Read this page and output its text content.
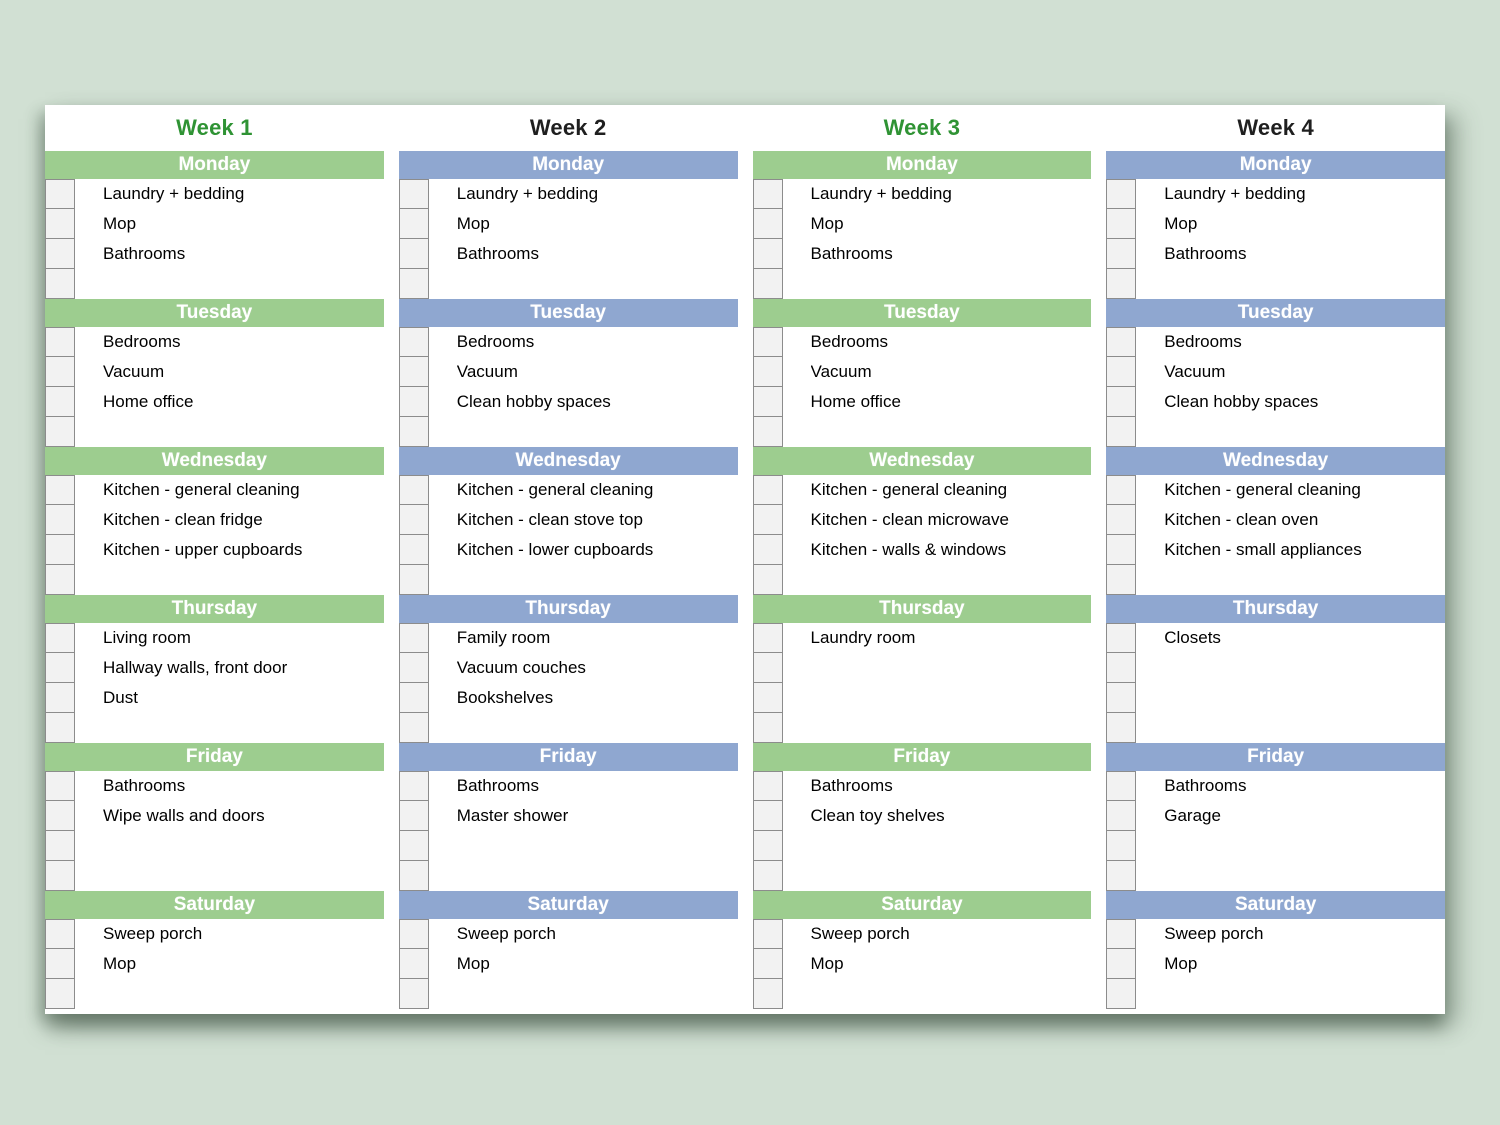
Week 1
Monday
Laundry + bedding
Mop
Bathrooms
Tuesday
Bedrooms
Vacuum
Home office
Wednesday
Kitchen - general cleaning
Kitchen - clean fridge
Kitchen - upper cupboards
Thursday
Living room
Hallway walls, front door
Dust
Friday
Bathrooms
Wipe walls and doors
Saturday
Sweep porch
Mop
Week 2
Monday
Laundry + bedding
Mop
Bathrooms
Tuesday
Bedrooms
Vacuum
Clean hobby spaces
Wednesday
Kitchen - general cleaning
Kitchen - clean stove top
Kitchen - lower cupboards
Thursday
Family room
Vacuum couches
Bookshelves
Friday
Bathrooms
Master shower
Saturday
Sweep porch
Mop
Week 3
Monday
Laundry + bedding
Mop
Bathrooms
Tuesday
Bedrooms
Vacuum
Home office
Wednesday
Kitchen - general cleaning
Kitchen - clean microwave
Kitchen - walls & windows
Thursday
Laundry room
Friday
Bathrooms
Clean toy shelves
Saturday
Sweep porch
Mop
Week 4
Monday
Laundry + bedding
Mop
Bathrooms
Tuesday
Bedrooms
Vacuum
Clean hobby spaces
Wednesday
Kitchen - general cleaning
Kitchen - clean oven
Kitchen - small appliances
Thursday
Closets
Friday
Bathrooms
Garage
Saturday
Sweep porch
Mop
